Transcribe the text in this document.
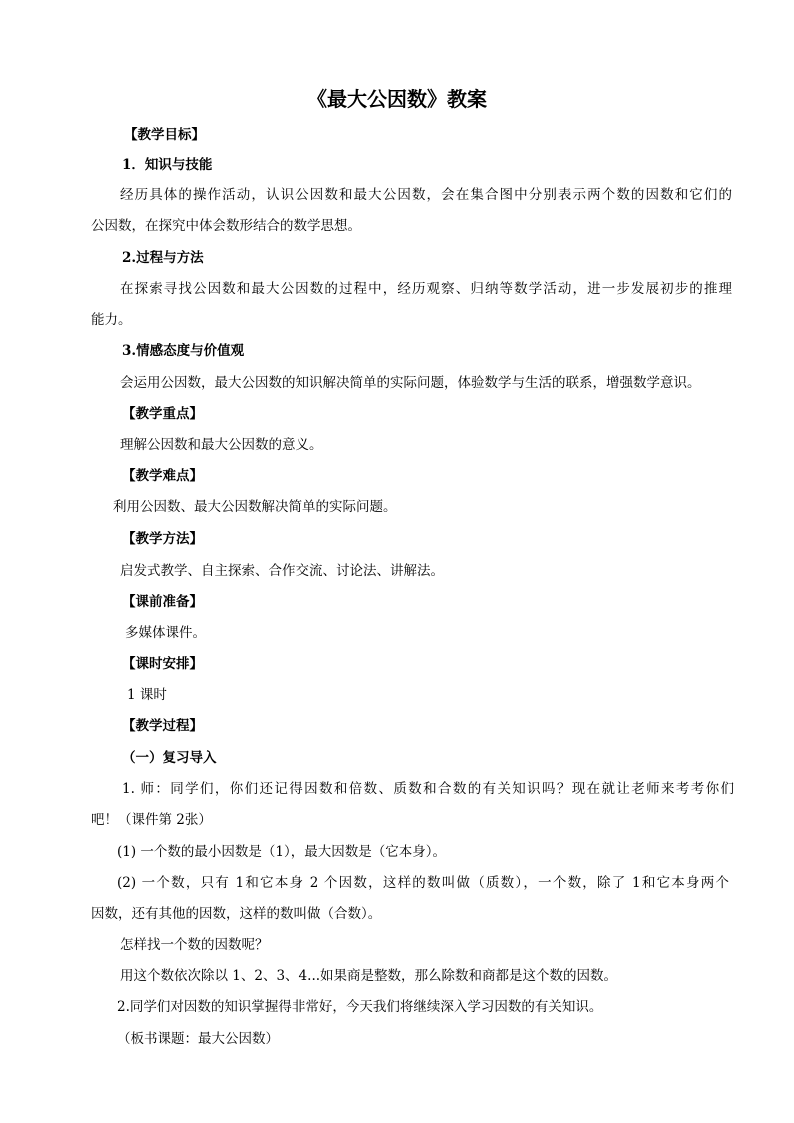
《最大公因数》教案
【教学目标】
1．知识与技能
经历具体的操作活动，认识公因数和最大公因数，会在集合图中分别表示两个数的因数和它们的
公因数，在探究中体会数形结合的数学思想。
2.过程与方法
在探索寻找公因数和最大公因数的过程中，经历观察、归纳等数学活动，进一步发展初步的推理
能力。
3.情感态度与价值观
会运用公因数，最大公因数的知识解决简单的实际问题，体验数学与生活的联系，增强数学意识。
【教学重点】
理解公因数和最大公因数的意义。
【教学难点】
利用公因数、最大公因数解决简单的实际问题。
【教学方法】
启发式教学、自主探索、合作交流、讨论法、讲解法。
【课前准备】
多媒体课件。
【课时安排】
1 课时
【教学过程】
（一）复习导入
1. 师：同学们，你们还记得因数和倍数、质数和合数的有关知识吗？现在就让老师来考考你们
吧！（课件第 2张）
(1) 一个数的最小因数是（1），最大因数是（它本身）。
(2) 一个数，只有 1和它本身 2 个因数，这样的数叫做（质数），一个数，除了 1和它本身两个
因数，还有其他的因数，这样的数叫做（合数）。
怎样找一个数的因数呢？
用这个数依次除以 1、2、3、4...如果商是整数，那么除数和商都是这个数的因数。
2.同学们对因数的知识掌握得非常好，今天我们将继续深入学习因数的有关知识。
（板书课题：最大公因数）
